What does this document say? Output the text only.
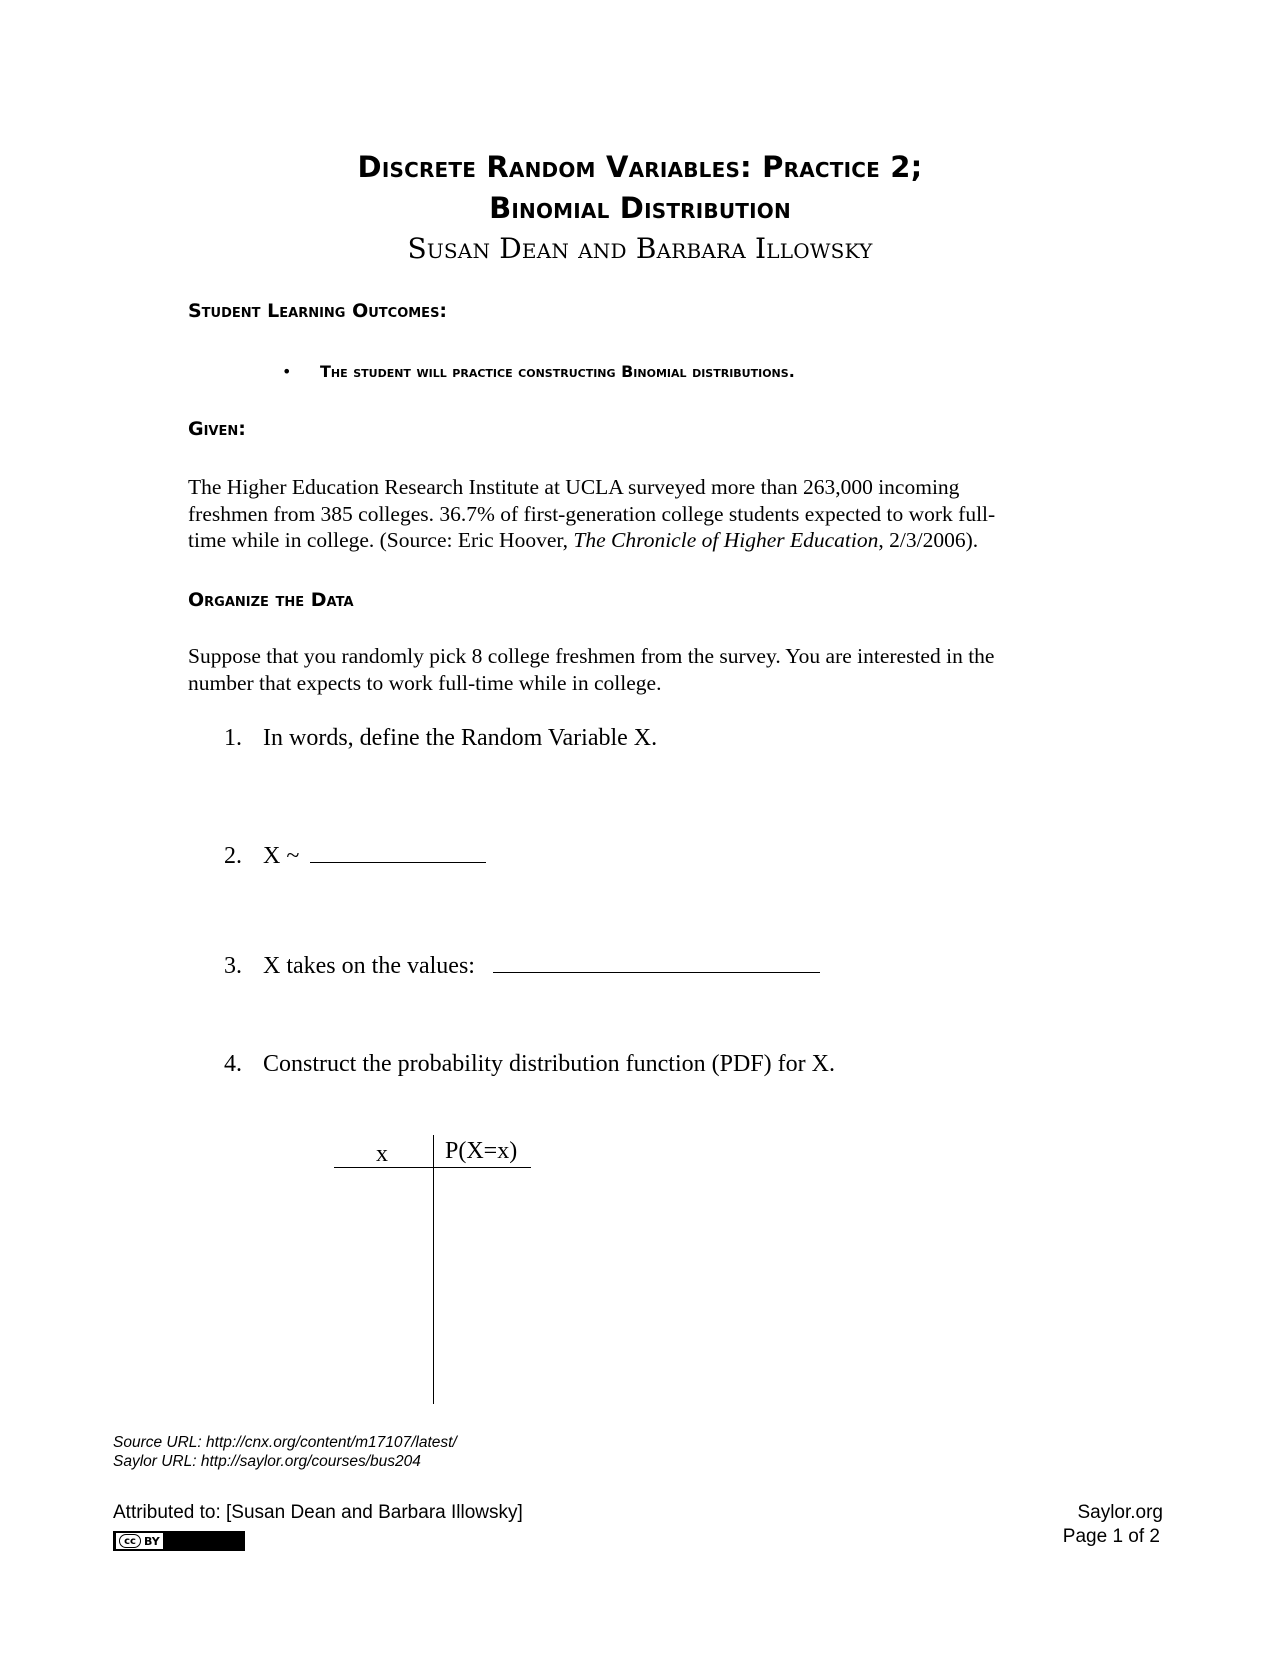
Discrete Random Variables: Practice 2;
Binomial Distribution
Susan Dean and Barbara Illowsky
Student Learning Outcomes:
• The student will practice constructing Binomial distributions.
Given:
The Higher Education Research Institute at UCLA surveyed more than 263,000 incoming
freshmen from 385 colleges. 36.7% of first-generation college students expected to work full-
time while in college. (Source: Eric Hoover, The Chronicle of Higher Education, 2/3/2006).
Organize the Data
Suppose that you randomly pick 8 college freshmen from the survey. You are interested in the
number that expects to work full-time while in college.
1. In words, define the Random Variable X.
2. X ~
3. X takes on the values:
4. Construct the probability distribution function (PDF) for X.
x P(X=x)
Source URL: http://cnx.org/content/m17107/latest/
Saylor URL: http://saylor.org/courses/bus204
Attributed to: [Susan Dean and Barbara Illowsky]
cc BY
Saylor.org
Page 1 of 2
